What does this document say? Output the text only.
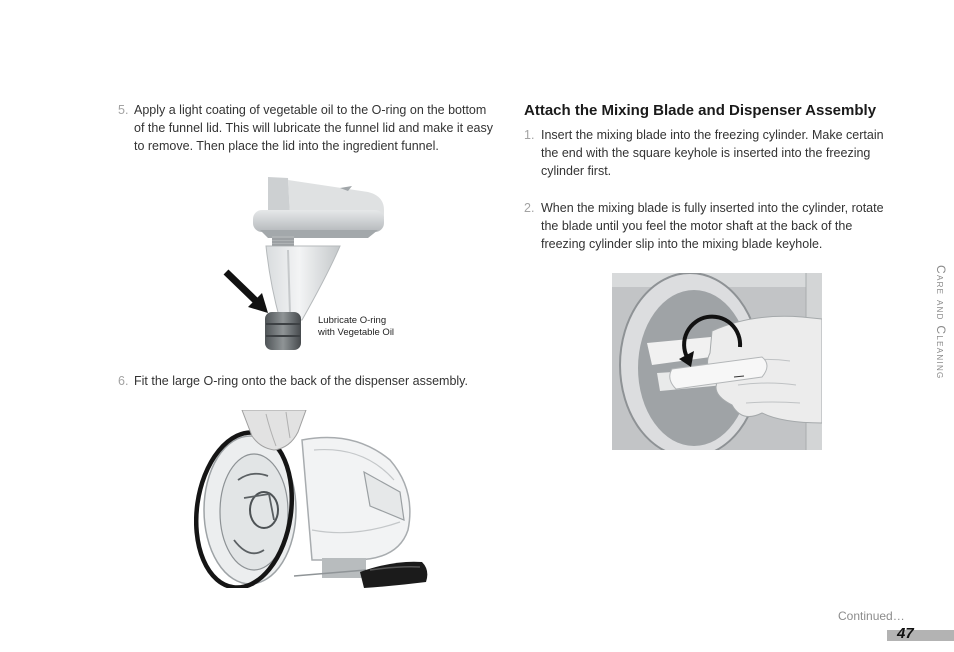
5. Apply a light coating of vegetable oil to the O-ring on the bottom
of the funnel lid. This will lubricate the funnel lid and make it easy
to remove. Then place the lid into the ingredient funnel.
Lubricate O-ring
with Vegetable Oil
6. Fit the large O-ring onto the back of the dispenser assembly.
Attach the Mixing Blade and Dispenser Assembly
1. Insert the mixing blade into the freezing cylinder. Make certain
the end with the square keyhole is inserted into the freezing
cylinder first.
2. When the mixing blade is fully inserted into the cylinder, rotate
the blade until you feel the motor shaft at the back of the
freezing cylinder slip into the mixing blade keyhole.
Care and Cleaning
Continued…
47
